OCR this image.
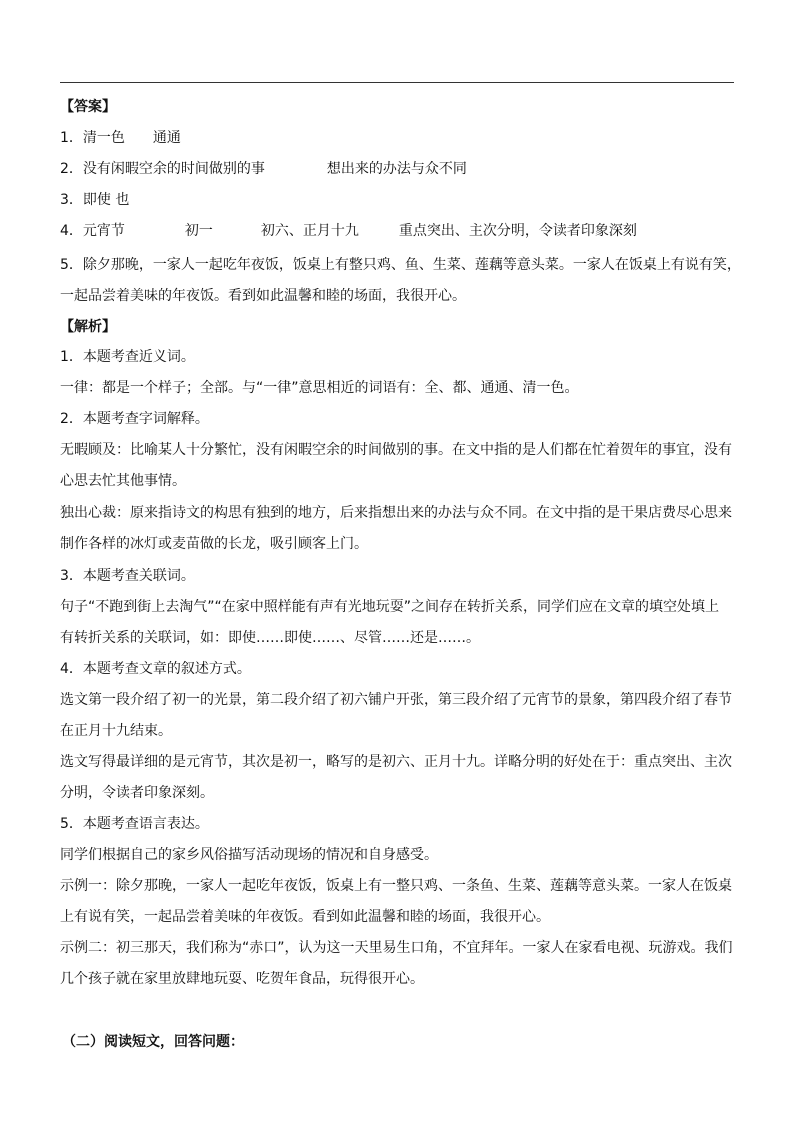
【答案】
1．清一色 通通
2．没有闲暇空余的时间做别的事	想出来的办法与众不同
3．即使 也
4．元宵节	初一	初六、正月十九	重点突出、主次分明，令读者印象深刻
5．除夕那晚，一家人一起吃年夜饭，饭桌上有整只鸡、鱼、生菜、莲藕等意头菜。一家人在饭桌上有说有笑，
一起品尝着美味的年夜饭。看到如此温馨和睦的场面，我很开心。
【解析】
1．本题考查近义词。
一律：都是一个样子；全部。与“一律”意思相近的词语有：全、都、通通、清一色。
2．本题考查字词解释。
无暇顾及：比喻某人十分繁忙，没有闲暇空余的时间做别的事。在文中指的是人们都在忙着贺年的事宜，没有
心思去忙其他事情。
独出心裁：原来指诗文的构思有独到的地方，后来指想出来的办法与众不同。在文中指的是干果店费尽心思来
制作各样的冰灯或麦苗做的长龙，吸引顾客上门。
3．本题考查关联词。
句子“不跑到街上去淘气”“在家中照样能有声有光地玩耍”之间存在转折关系，同学们应在文章的填空处填上
有转折关系的关联词，如：即使……即使……、尽管……还是……。
4．本题考查文章的叙述方式。
选文第一段介绍了初一的光景，第二段介绍了初六铺户开张，第三段介绍了元宵节的景象，第四段介绍了春节
在正月十九结束。
选文写得最详细的是元宵节，其次是初一，略写的是初六、正月十九。详略分明的好处在于：重点突出、主次
分明，令读者印象深刻。
5．本题考查语言表达。
同学们根据自己的家乡风俗描写活动现场的情况和自身感受。
示例一：除夕那晚，一家人一起吃年夜饭，饭桌上有一整只鸡、一条鱼、生菜、莲藕等意头菜。一家人在饭桌
上有说有笑，一起品尝着美味的年夜饭。看到如此温馨和睦的场面，我很开心。
示例二：初三那天，我们称为“赤口”，认为这一天里易生口角，不宜拜年。一家人在家看电视、玩游戏。我们
几个孩子就在家里放肆地玩耍、吃贺年食品，玩得很开心。
（二）阅读短文，回答问题：
